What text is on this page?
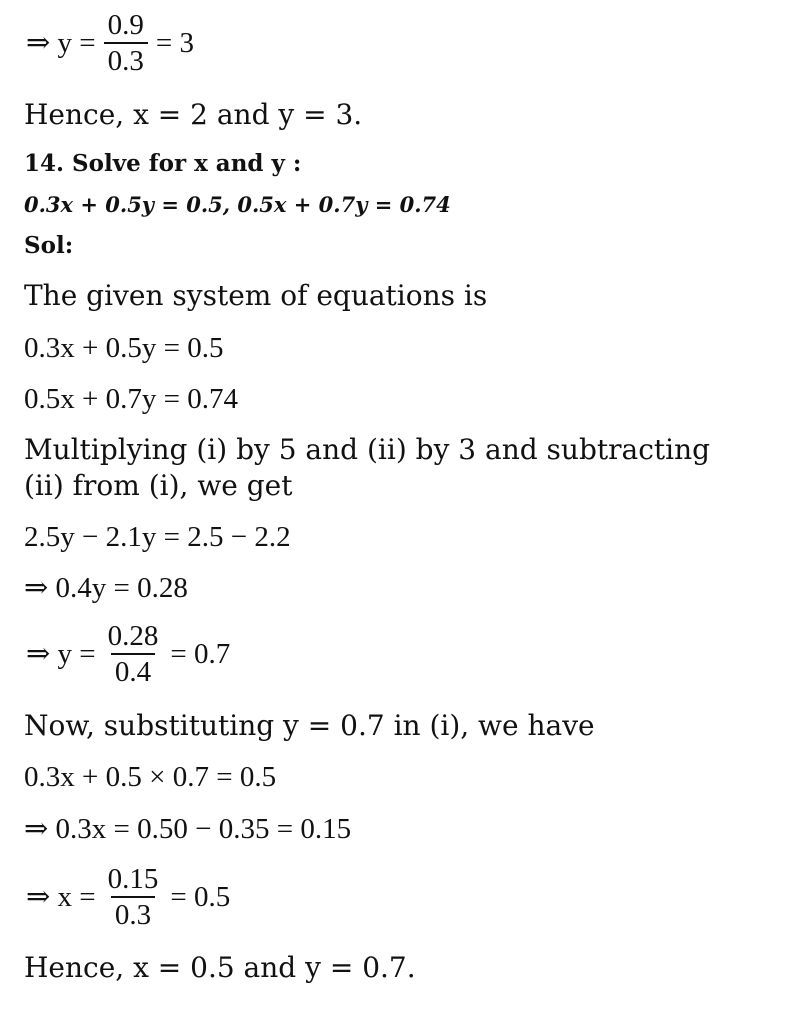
⇒ $y = \frac{0.9}{0.3} = 3$
Hence, x = 2 and y = 3.
14. Solve for x and y :
0.3x + 0.5y = 0.5, 0.5x + 0.7y = 0.74
Sol:
The given system of equations is
0.3x + 0.5y = 0.5
0.5x + 0.7y = 0.74
Multiplying (i) by 5 and (ii) by 3 and subtracting (ii) from (i), we get
2.5y − 2.1y = 2.5 − 2.2
⇒ 0.4y = 0.28
⇒ $y = \frac{0.28}{0.4} = 0.7$
Now, substituting y = 0.7 in (i), we have
0.3x + 0.5 × 0.7 = 0.5
⇒ 0.3x = 0.50 − 0.35 = 0.15
⇒ $x = \frac{0.15}{0.3} = 0.5$
Hence, x = 0.5 and y = 0.7.
